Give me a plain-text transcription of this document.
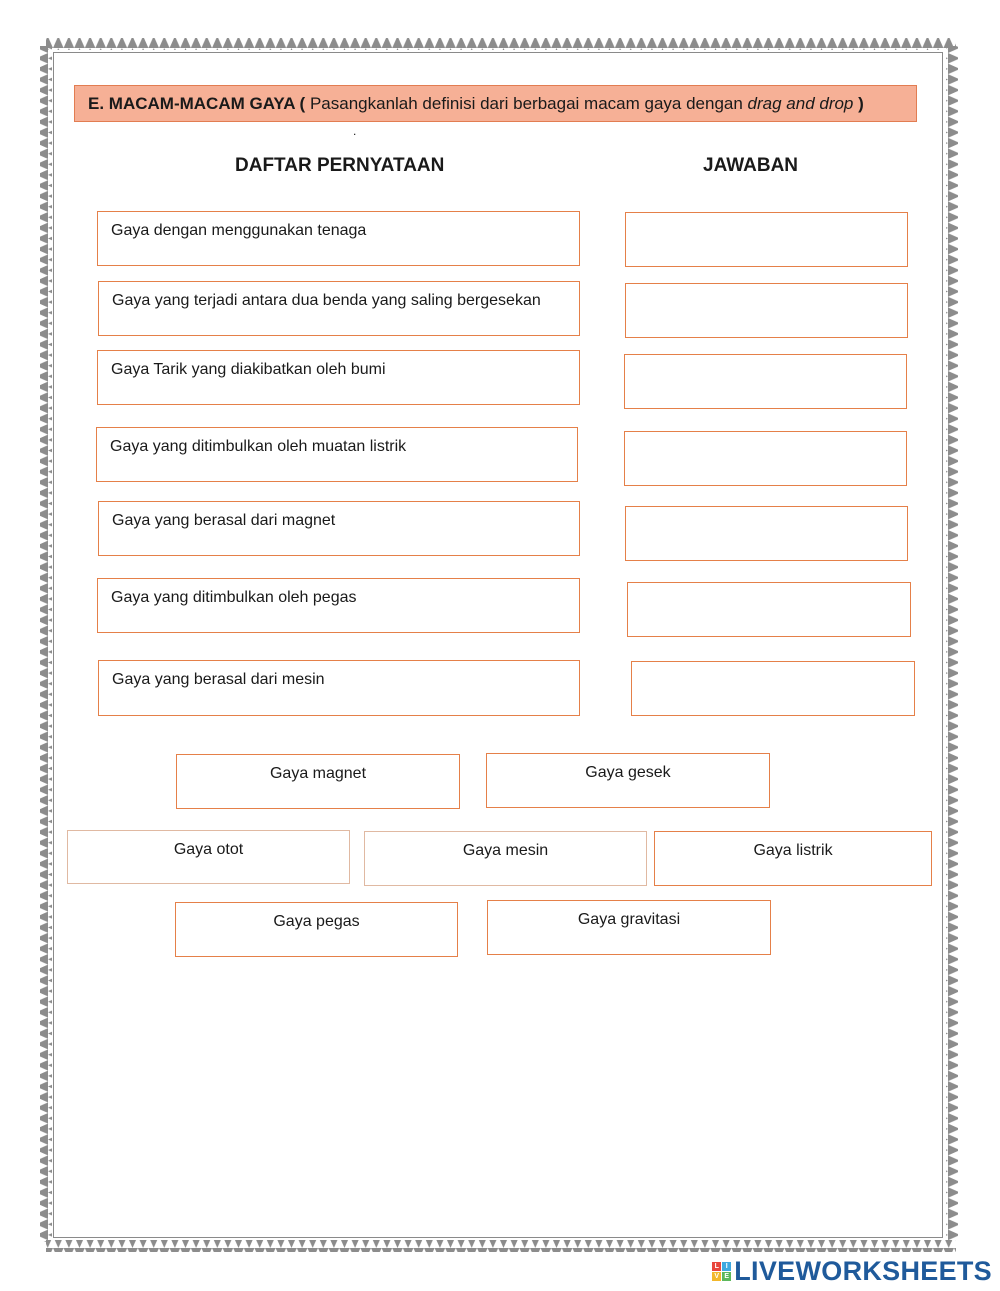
E. MACAM-MACAM GAYA ( Pasangkanlah definisi dari berbagai macam gaya dengan drag and drop )
.
DAFTAR PERNYATAAN	JAWABAN
Gaya dengan menggunakan tenaga
Gaya yang terjadi antara dua benda yang saling bergesekan
Gaya Tarik yang diakibatkan oleh bumi
Gaya yang ditimbulkan oleh muatan listrik
Gaya yang berasal dari magnet
Gaya yang ditimbulkan oleh pegas
Gaya yang berasal dari mesin
Gaya magnet	Gaya gesek
Gaya otot	Gaya mesin	Gaya listrik
Gaya pegas	Gaya gravitasi
L I
V E LIVEWORKSHEETS
